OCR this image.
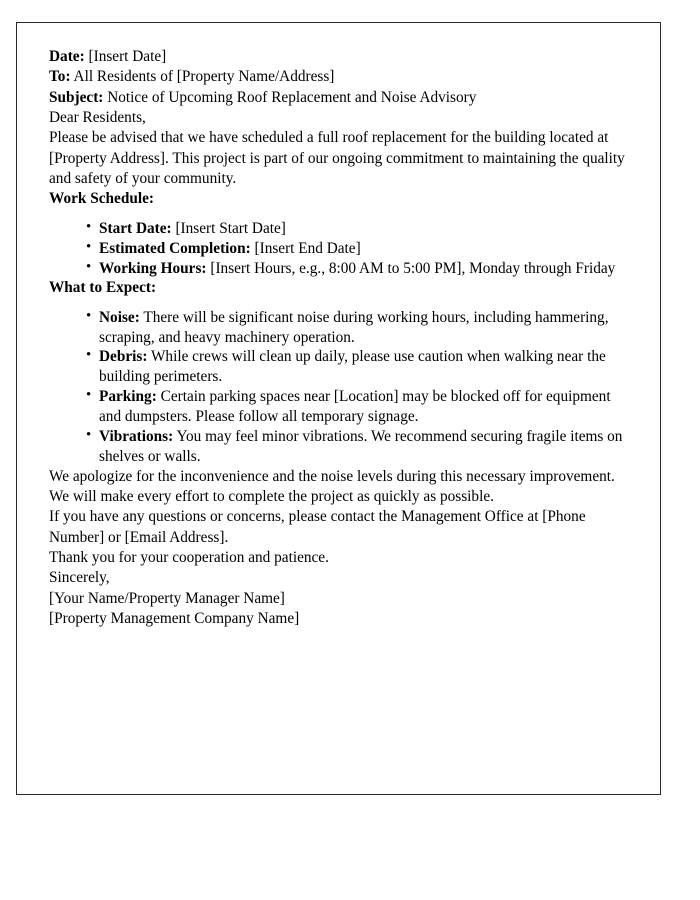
Date: [Insert Date]

To: All Residents of [Property Name/Address]

Subject: Notice of Upcoming Roof Replacement and Noise Advisory

Dear Residents,

Please be advised that we have scheduled a full roof replacement for the building located at [Property Address]. This project is part of our ongoing commitment to maintaining the quality and safety of your community.

Work Schedule:

• Start Date: [Insert Start Date]
• Estimated Completion: [Insert End Date]
• Working Hours: [Insert Hours, e.g., 8:00 AM to 5:00 PM], Monday through Friday

What to Expect:

• Noise: There will be significant noise during working hours, including hammering, scraping, and heavy machinery operation.
• Debris: While crews will clean up daily, please use caution when walking near the building perimeters.
• Parking: Certain parking spaces near [Location] may be blocked off for equipment and dumpsters. Please follow all temporary signage.
• Vibrations: You may feel minor vibrations. We recommend securing fragile items on shelves or walls.

We apologize for the inconvenience and the noise levels during this necessary improvement. We will make every effort to complete the project as quickly as possible.

If you have any questions or concerns, please contact the Management Office at [Phone Number] or [Email Address].

Thank you for your cooperation and patience.

Sincerely,

[Your Name/Property Manager Name]

[Property Management Company Name]
